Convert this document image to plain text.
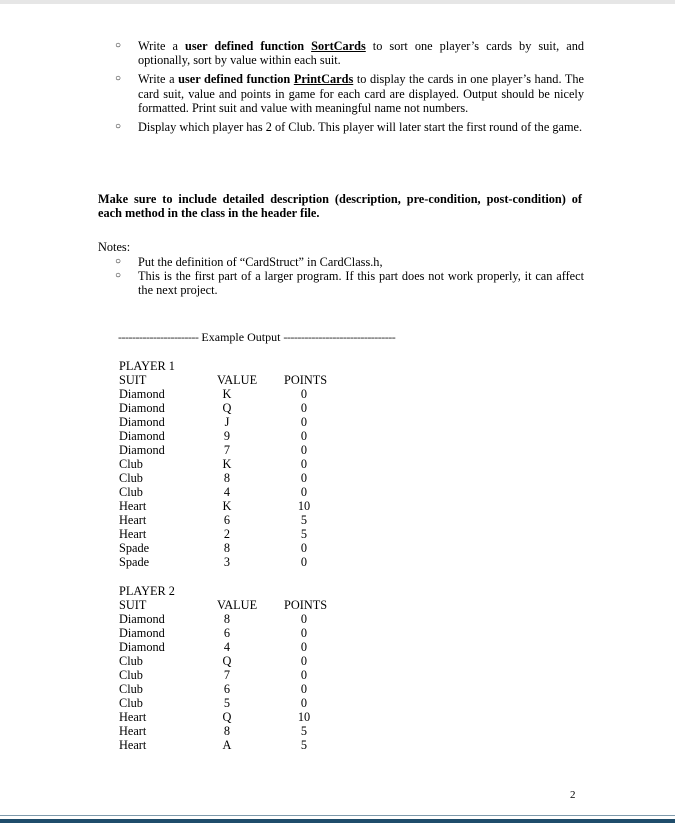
○ Write a user defined function SortCards to sort one player’s cards by suit, and optionally, sort by value within each suit.
○ Write a user defined function PrintCards to display the cards in one player’s hand. The card suit, value and points in game for each card are displayed. Output should be nicely formatted. Print suit and value with meaningful name not numbers.
○ Display which player has 2 of Club. This player will later start the first round of the game.
Make sure to include detailed description (description, pre-condition, post-condition) of each method in the class in the header file.
Notes:
○ Put the definition of “CardStruct” in CardClass.h,
○ This is the first part of a larger program. If this part does not work properly, it can affect the next project.
----------------------- Example Output --------------------------------
PLAYER 1
SUIT	VALUE POINTS
Diamond	K	0
Diamond	Q	0
Diamond	J	0
Diamond	9	0
Diamond	7	0
Club	K	0
Club	8	0
Club	4	0
Heart	K	10
Heart	6	5
Heart	2	5
Spade	8	0
Spade	3	0
PLAYER 2
SUIT	VALUE POINTS
Diamond	8	0
Diamond	6	0
Diamond	4	0
Club	Q	0
Club	7	0
Club	6	0
Club	5	0
Heart	Q	10
Heart	8	5
Heart	A	5
2
